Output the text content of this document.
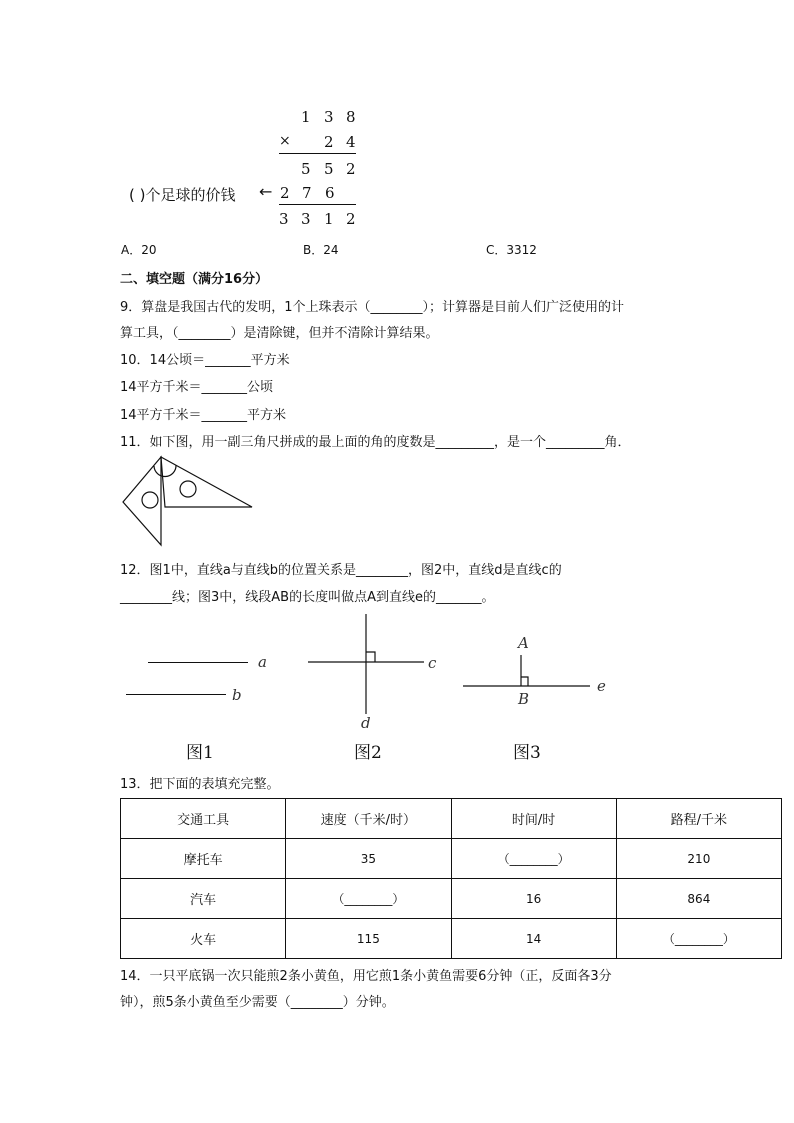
1 3 8
× 2 4
5 5 2
( )个足球的价钱 ← 2 7 6
3 3 1 2
A．20	B．24	C．3312
二、填空题（满分16分）
9．算盘是我国古代的发明，1个上珠表示（________）；计算器是目前人们广泛使用的计
算工具，（________）是清除键，但并不清除计算结果。
10．14公顷＝_______平方米
14平方千米＝_______公顷
14平方千米＝_______平方米
11．如下图，用一副三角尺拼成的最上面的角的度数是_________，是一个_________角．
12．图1中，直线a与直线b的位置关系是________，图2中，直线d是直线c的
________线；图3中，线段AB的长度叫做点A到直线e的_______。
a
b
图1
c
d
图2
A
B
e
图3
13．把下面的表填充完整。
交通工具	速度（千米/时）	时间/时	路程/千米
摩托车	35	（________）	210
汽车	（________）	16	864
火车	115	14	（________）
14．一只平底锅一次只能煎2条小黄鱼，用它煎1条小黄鱼需要6分钟（正，反面各3分
钟），煎5条小黄鱼至少需要（________）分钟。
